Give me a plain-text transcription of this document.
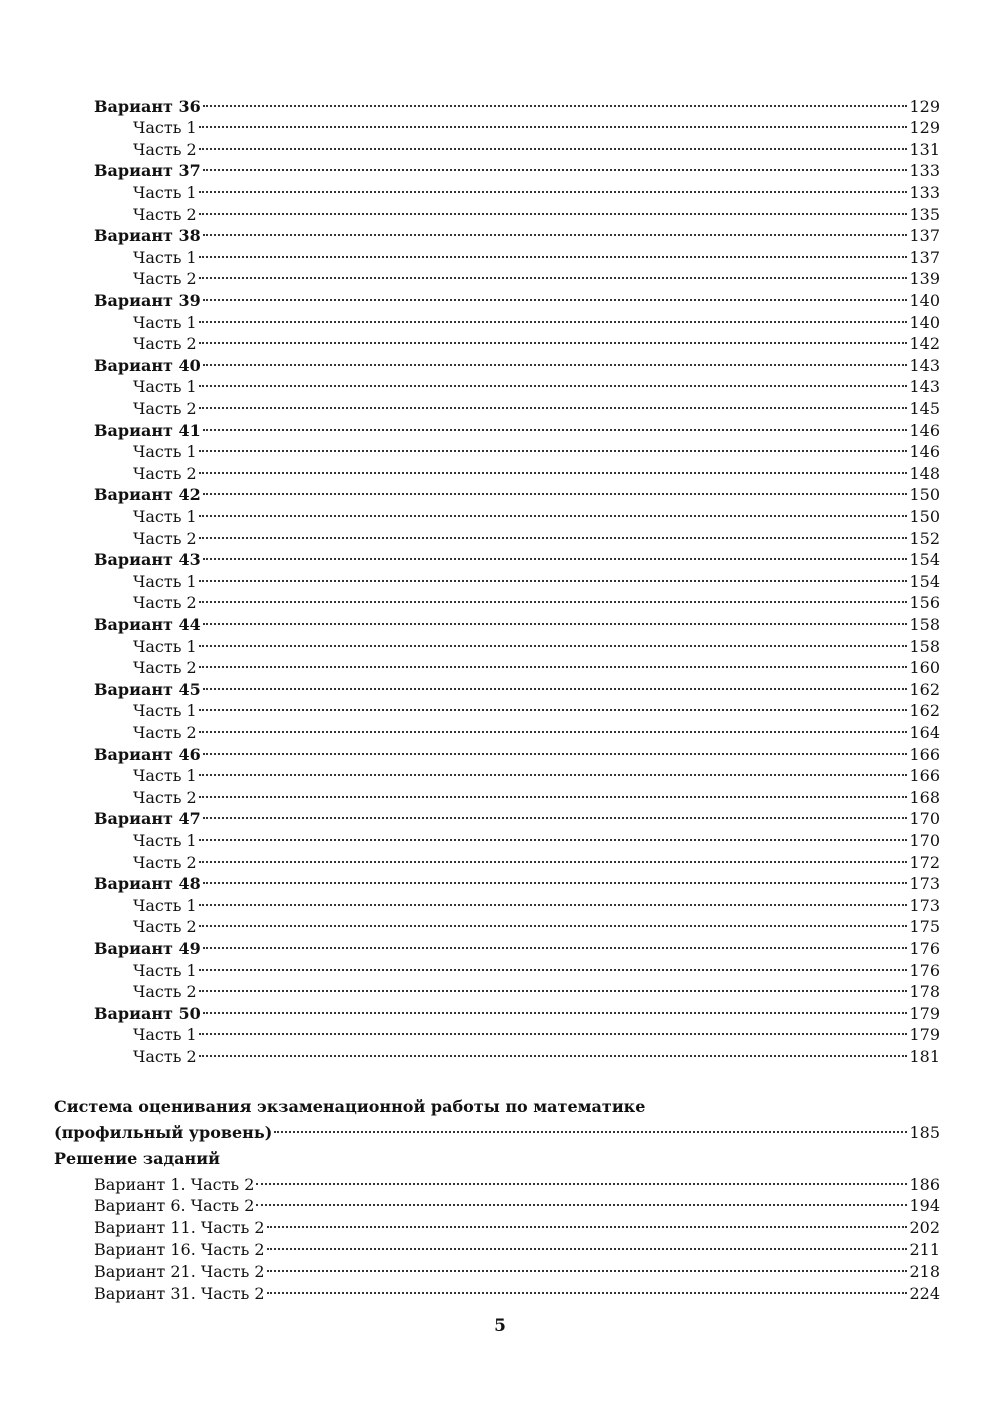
Вариант 36	129
Часть 1	129
Часть 2	131
Вариант 37	133
Часть 1	133
Часть 2	135
Вариант 38	137
Часть 1	137
Часть 2	139
Вариант 39	140
Часть 1	140
Часть 2	142
Вариант 40	143
Часть 1	143
Часть 2	145
Вариант 41	146
Часть 1	146
Часть 2	148
Вариант 42	150
Часть 1	150
Часть 2	152
Вариант 43	154
Часть 1	154
Часть 2	156
Вариант 44	158
Часть 1	158
Часть 2	160
Вариант 45	162
Часть 1	162
Часть 2	164
Вариант 46	166
Часть 1	166
Часть 2	168
Вариант 47	170
Часть 1	170
Часть 2	172
Вариант 48	173
Часть 1	173
Часть 2	175
Вариант 49	176
Часть 1	176
Часть 2	178
Вариант 50	179
Часть 1	179
Часть 2	181
Система оценивания экзаменационной работы по математике
(профильный уровень)	185
Решение заданий
Вариант 1. Часть 2	186
Вариант 6. Часть 2	194
Вариант 11. Часть 2	202
Вариант 16. Часть 2	211
Вариант 21. Часть 2	218
Вариант 31. Часть 2	224
5
